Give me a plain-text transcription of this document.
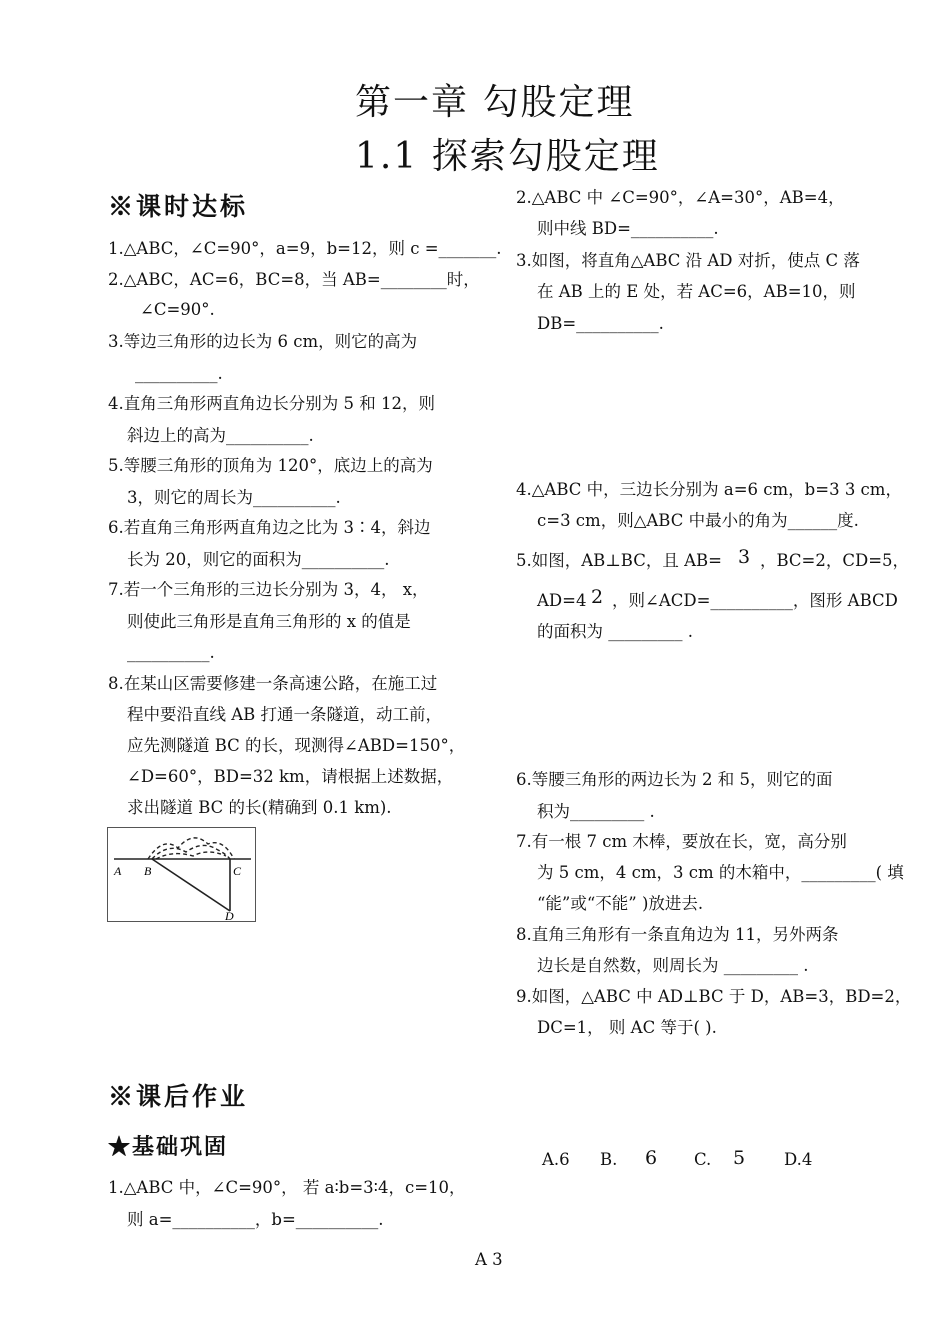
第一章 勾股定理
1.1 探索勾股定理
※课时达标
1.△ABC，∠C=90°，a=9，b=12，则 c =_______.
2.△ABC，AC=6，BC=8，当 AB=________时，
∠C=90°.
3.等边三角形的边长为 6 cm，则它的高为
__________.
4.直角三角形两直角边长分别为 5 和 12，则
斜边上的高为__________.
5.等腰三角形的顶角为 120°，底边上的高为
3，则它的周长为__________.
6.若直角三角形两直角边之比为 3∶4，斜边
长为 20，则它的面积为__________.
7.若一个三角形的三边长分别为 3，4， x，
则使此三角形是直角三角形的 x 的值是
__________.
8.在某山区需要修建一条高速公路，在施工过
程中要沿直线 AB 打通一条隧道，动工前，
应先测隧道 BC 的长，现测得∠ABD=150°，
∠D=60°，BD=32 km，请根据上述数据，
求出隧道 BC 的长(精确到 0.1 km).
A B	C
D
※课后作业
★基础巩固
1.△ABC 中，∠C=90°， 若 a∶b=3∶4，c=10，
则 a=__________，b=__________.
2.△ABC 中 ∠C=90°，∠A=30°，AB=4，
则中线 BD=__________.
3.如图，将直角△ABC 沿 AD 对折，使点 C 落
在 AB 上的 E 处，若 AC=6，AB=10，则
DB=__________.
4.△ABC 中，三边长分别为 a=6 cm，b=3 3 cm，
c=3 cm，则△ABC 中最小的角为______度.
5.如图，AB⊥BC，且 AB= 3 ，BC=2，CD=5，
AD=4 2 ，则∠ACD=__________，图形 ABCD
的面积为 _________ .
6.等腰三角形的两边长为 2 和 5，则它的面
积为_________ .
7.有一根 7 cm 木棒，要放在长，宽，高分别
为 5 cm，4 cm，3 cm 的木箱中，_________( 填
“能”或“不能” )放进去.
8.直角三角形有一条直角边为 11，另外两条
边长是自然数，则周长为 _________ .
9.如图，△ABC 中 AD⊥BC 于 D，AB=3，BD=2，
DC=1， 则 AC 等于( ).
A.6 B. 6 C. 5 D.4
A 3
